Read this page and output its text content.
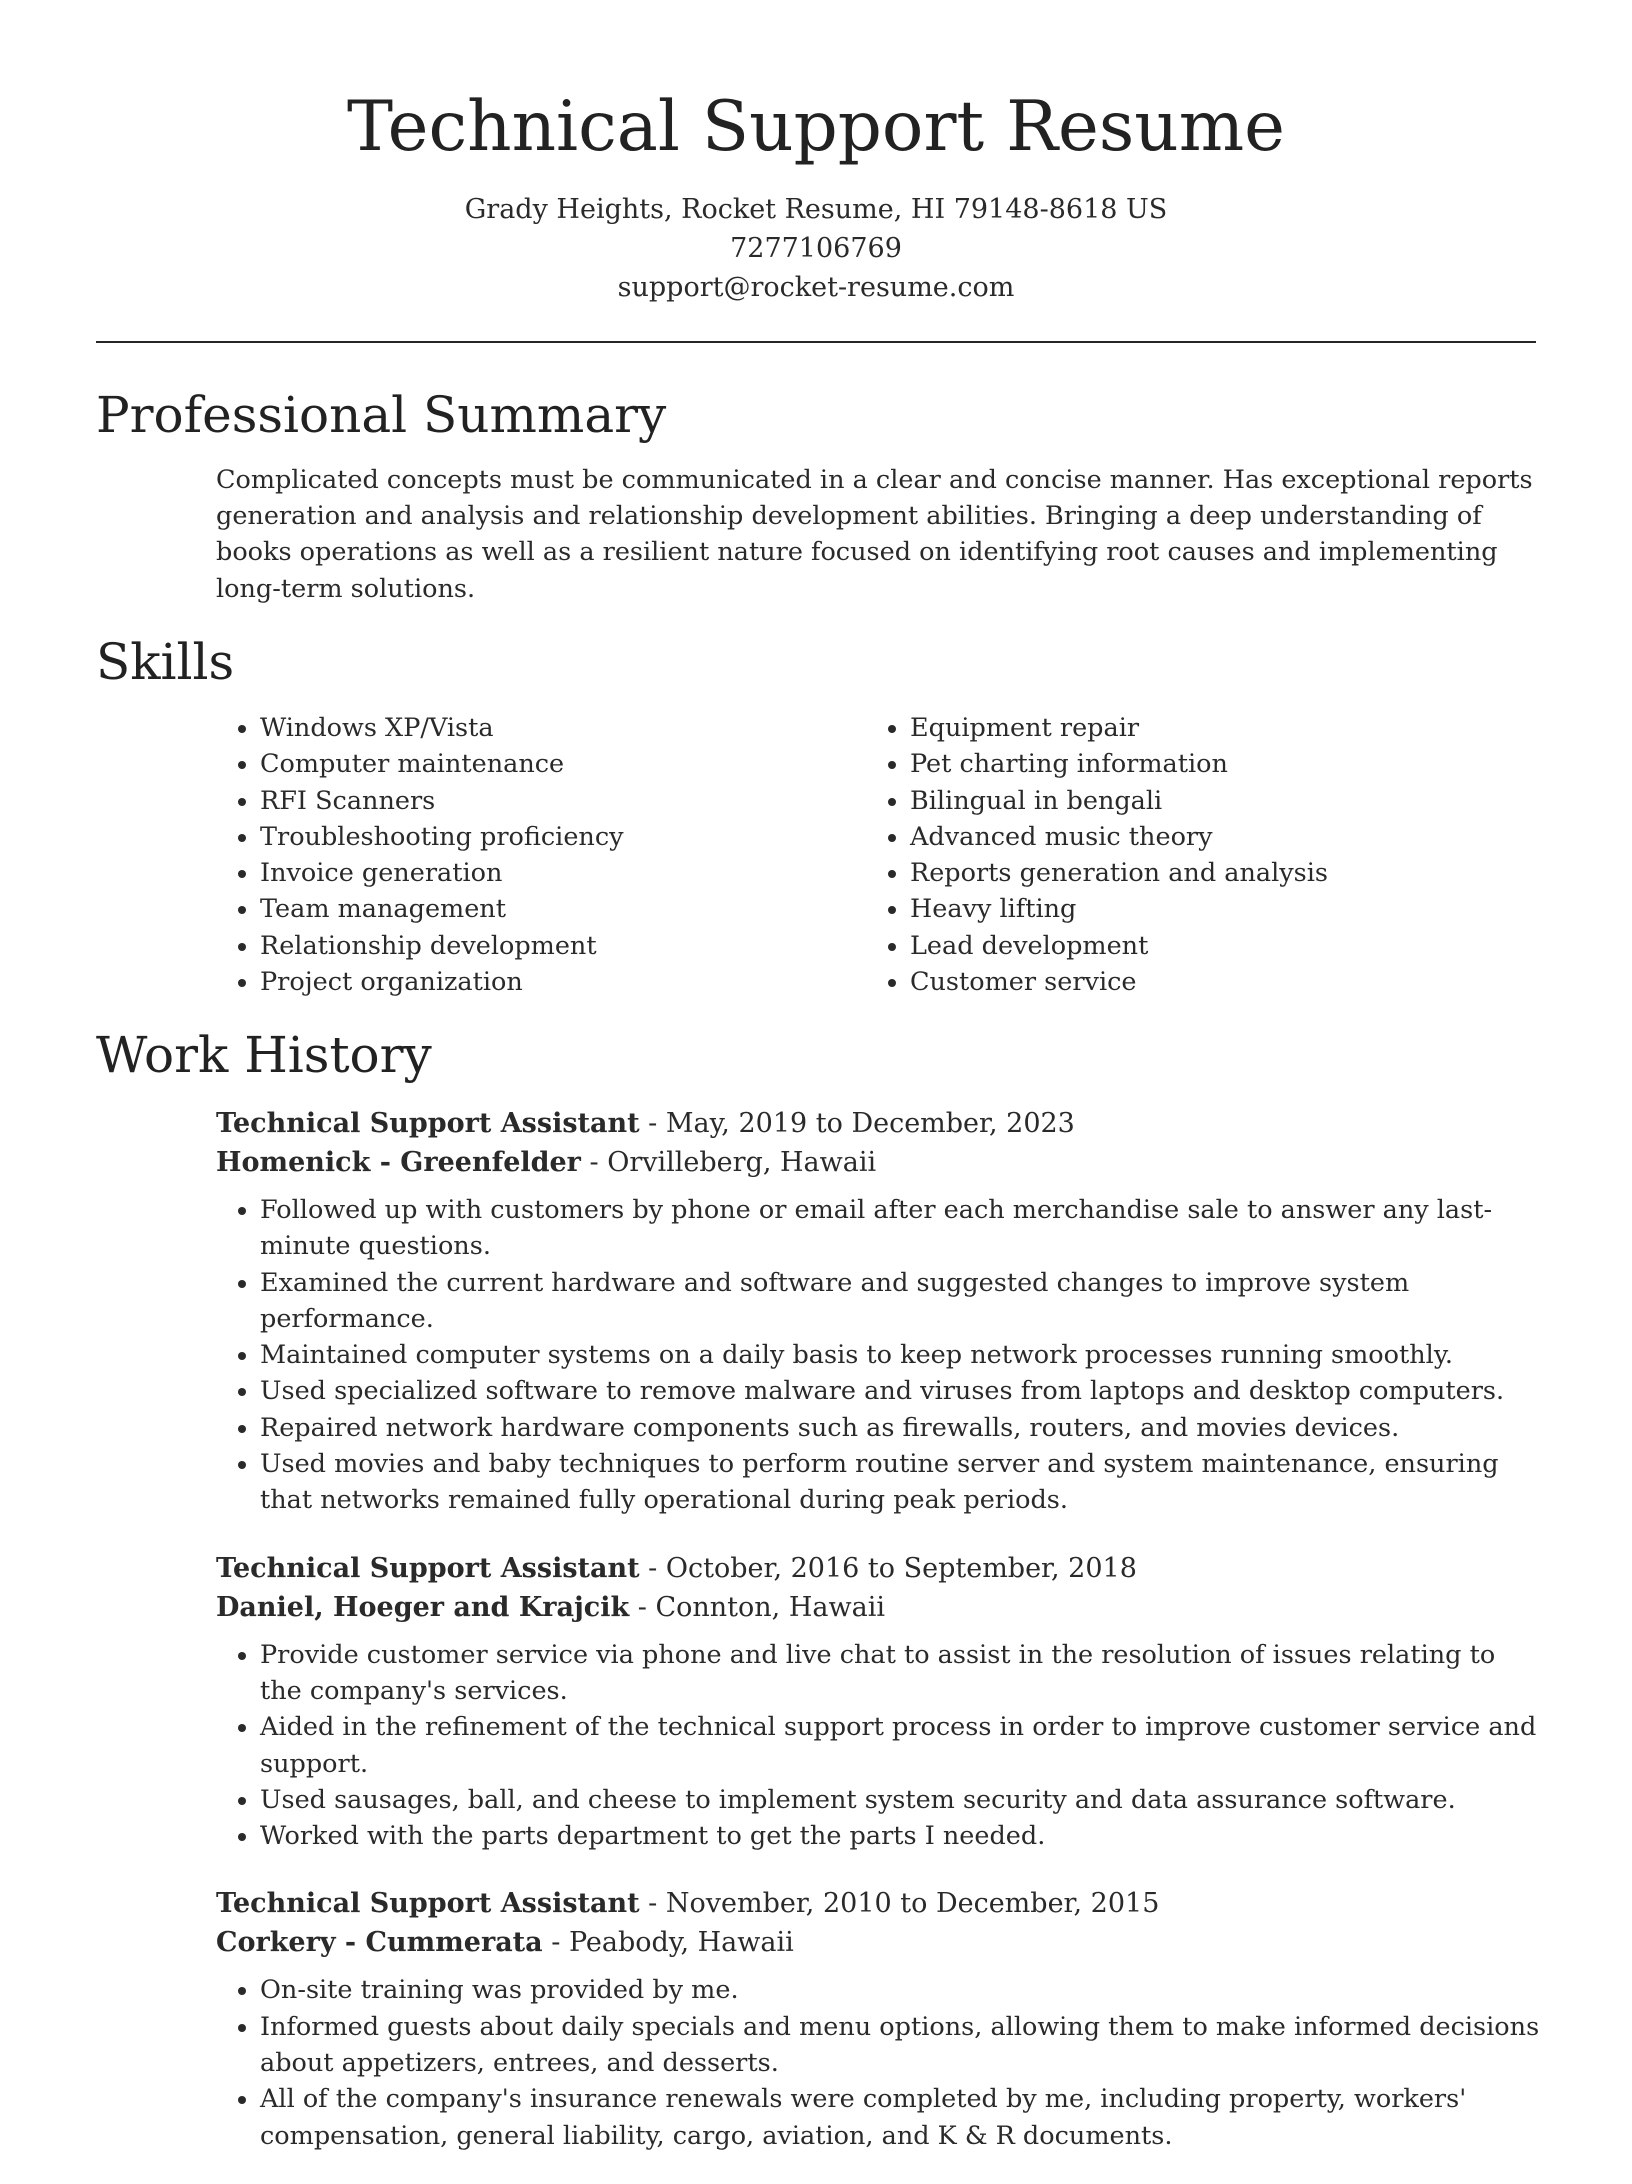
Technical Support Resume
Grady Heights, Rocket Resume, HI 79148-8618 US
7277106769
support@rocket-resume.com
Professional Summary

Complicated concepts must be communicated in a clear and concise manner. Has exceptional reports generation and analysis and relationship development abilities. Bringing a deep understanding of books operations as well as a resilient nature focused on identifying root causes and implementing long-term solutions.

Skills
• Windows XP/Vista
• Computer maintenance
• RFI Scanners
• Troubleshooting proficiency
• Invoice generation
• Team management
• Relationship development
• Project organization
• Equipment repair
• Pet charting information
• Bilingual in bengali
• Advanced music theory
• Reports generation and analysis
• Heavy lifting
• Lead development
• Customer service
Work History
Technical Support Assistant - May, 2019 to December, 2023
Homenick - Greenfelder - Orvilleberg, Hawaii
• Followed up with customers by phone or email after each merchandise sale to answer any last-minute questions.
• Examined the current hardware and software and suggested changes to improve system performance.
• Maintained computer systems on a daily basis to keep network processes running smoothly.
• Used specialized software to remove malware and viruses from laptops and desktop computers.
• Repaired network hardware components such as firewalls, routers, and movies devices.
• Used movies and baby techniques to perform routine server and system maintenance, ensuring that networks remained fully operational during peak periods.
Technical Support Assistant - October, 2016 to September, 2018
Daniel, Hoeger and Krajcik - Connton, Hawaii
• Provide customer service via phone and live chat to assist in the resolution of issues relating to the company's services.
• Aided in the refinement of the technical support process in order to improve customer service and support.
• Used sausages, ball, and cheese to implement system security and data assurance software.
• Worked with the parts department to get the parts I needed.
Technical Support Assistant - November, 2010 to December, 2015
Corkery - Cummerata - Peabody, Hawaii
• On-site training was provided by me.
• Informed guests about daily specials and menu options, allowing them to make informed decisions about appetizers, entrees, and desserts.
• All of the company's insurance renewals were completed by me, including property, workers' compensation, general liability, cargo, aviation, and K & R documents.
